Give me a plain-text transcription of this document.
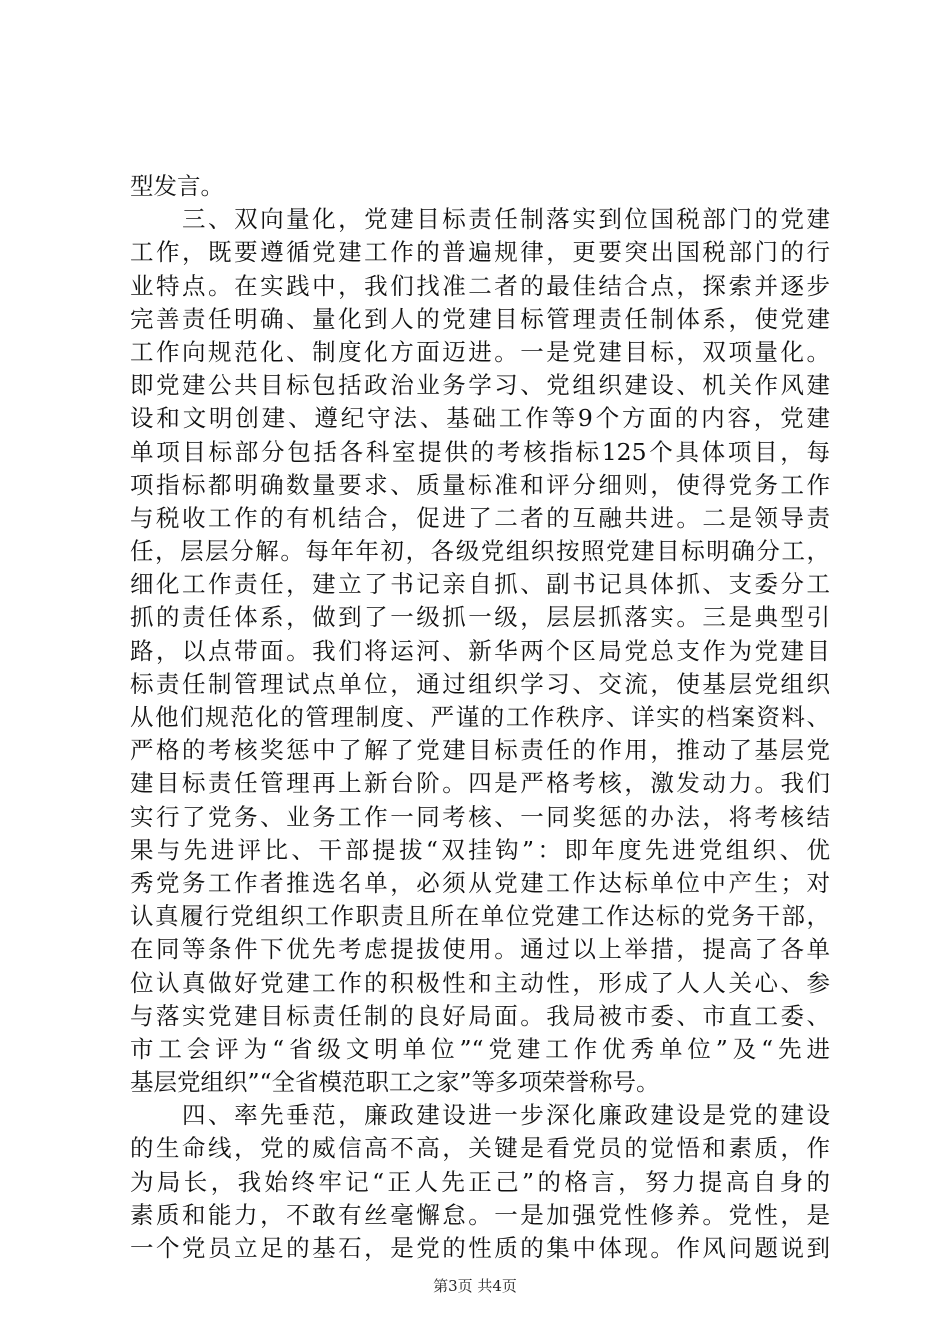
型发言。
　　三、双向量化，党建目标责任制落实到位国税部门的党建
工作，既要遵循党建工作的普遍规律，更要突出国税部门的行
业特点。在实践中，我们找准二者的最佳结合点，探索并逐步
完善责任明确、量化到人的党建目标管理责任制体系，使党建
工作向规范化、制度化方面迈进。一是党建目标，双项量化。
即党建公共目标包括政治业务学习、党组织建设、机关作风建
设和文明创建、遵纪守法、基础工作等9个方面的内容，党建
单项目标部分包括各科室提供的考核指标125个具体项目，每
项指标都明确数量要求、质量标准和评分细则，使得党务工作
与税收工作的有机结合，促进了二者的互融共进。二是领导责
任，层层分解。每年年初，各级党组织按照党建目标明确分工，
细化工作责任，建立了书记亲自抓、副书记具体抓、支委分工
抓的责任体系，做到了一级抓一级，层层抓落实。三是典型引
路，以点带面。我们将运河、新华两个区局党总支作为党建目
标责任制管理试点单位，通过组织学习、交流，使基层党组织
从他们规范化的管理制度、严谨的工作秩序、详实的档案资料、
严格的考核奖惩中了解了党建目标责任的作用，推动了基层党
建目标责任管理再上新台阶。四是严格考核，激发动力。我们
实行了党务、业务工作一同考核、一同奖惩的办法，将考核结
果与先进评比、干部提拔“双挂钩”：即年度先进党组织、优
秀党务工作者推选名单，必须从党建工作达标单位中产生；对
认真履行党组织工作职责且所在单位党建工作达标的党务干部，
在同等条件下优先考虑提拔使用。通过以上举措，提高了各单
位认真做好党建工作的积极性和主动性，形成了人人关心、参
与落实党建目标责任制的良好局面。我局被市委、市直工委、
市工会评为“省级文明单位”“党建工作优秀单位”及“先进
基层党组织”“全省模范职工之家”等多项荣誉称号。
　　四、率先垂范，廉政建设进一步深化廉政建设是党的建设
的生命线，党的威信高不高，关键是看党员的觉悟和素质，作
为局长，我始终牢记“正人先正己”的格言，努力提高自身的
素质和能力，不敢有丝毫懈怠。一是加强党性修养。党性，是
一个党员立足的基石，是党的性质的集中体现。作风问题说到
第3页 共4页
